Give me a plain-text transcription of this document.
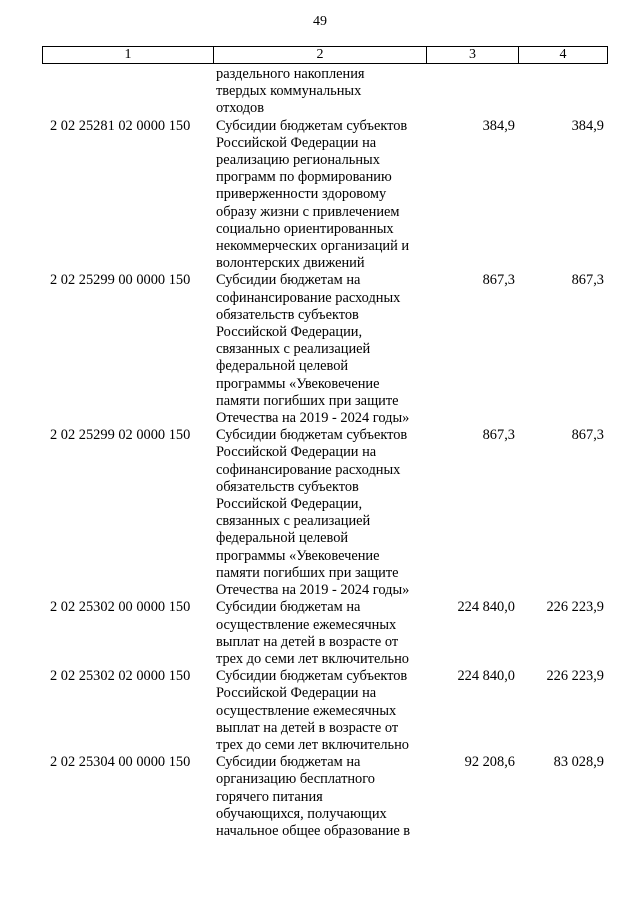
49
1	2	3	4
раздельного накопления
твердых коммунальных
отходов
2 02 25281 02 0000 150	Субсидии бюджетам субъектов
Российской Федерации на
реализацию региональных
программ по формированию
приверженности здоровому
образу жизни с привлечением
социально ориентированных
некоммерческих организаций и
волонтерских движений
384,9	384,9
2 02 25299 00 0000 150	Субсидии бюджетам на
софинансирование расходных
обязательств субъектов
Российской Федерации,
связанных с реализацией
федеральной целевой
программы «Увековечение
памяти погибших при защите
Отечества на 2019 - 2024 годы»
867,3	867,3
2 02 25299 02 0000 150	Субсидии бюджетам субъектов
Российской Федерации на
софинансирование расходных
обязательств субъектов
Российской Федерации,
связанных с реализацией
федеральной целевой
программы «Увековечение
памяти погибших при защите
Отечества на 2019 - 2024 годы»
867,3	867,3
2 02 25302 00 0000 150	Субсидии бюджетам на
осуществление ежемесячных
выплат на детей в возрасте от
трех до семи лет включительно
224 840,0	226 223,9
2 02 25302 02 0000 150	Субсидии бюджетам субъектов
Российской Федерации на
осуществление ежемесячных
выплат на детей в возрасте от
трех до семи лет включительно
224 840,0	226 223,9
2 02 25304 00 0000 150	Субсидии бюджетам на
организацию бесплатного
горячего питания
обучающихся, получающих
начальное общее образование в
92 208,6	83 028,9
